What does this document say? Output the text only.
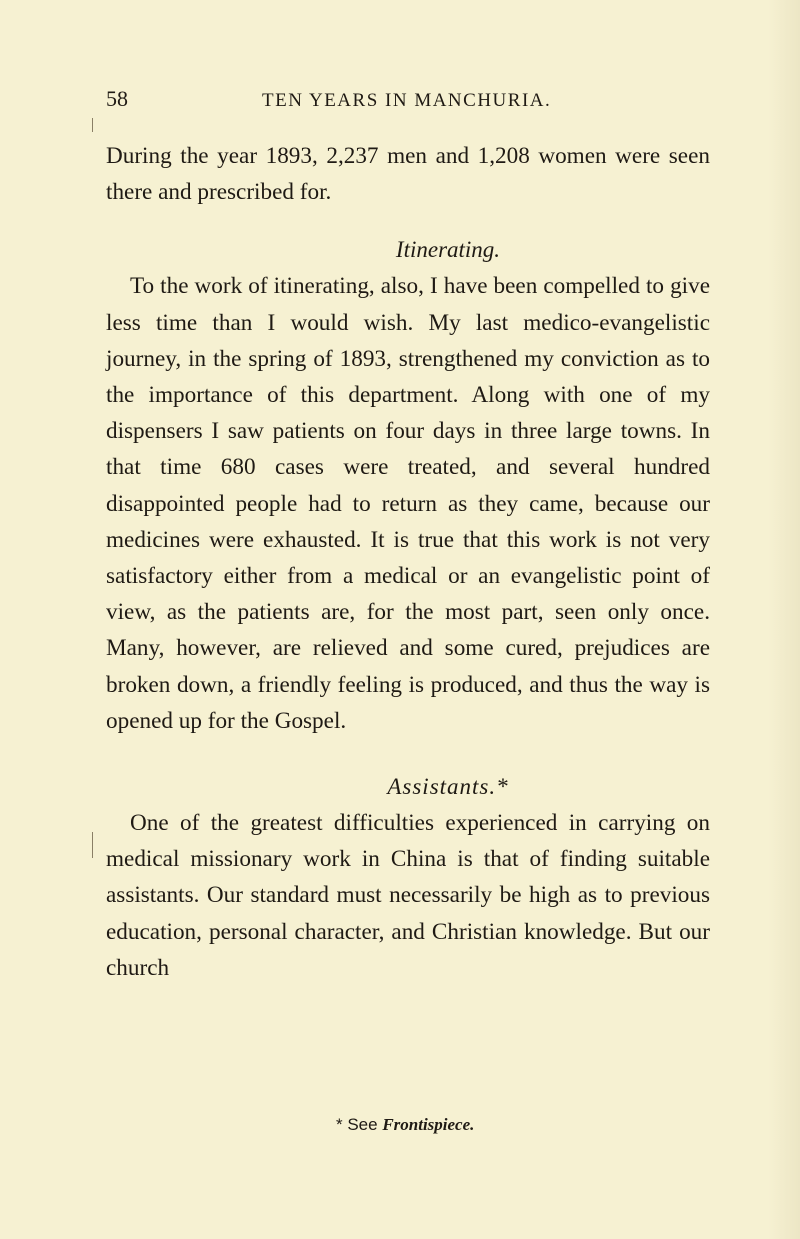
58	TEN YEARS IN MANCHURIA.

During the year 1893, 2,237 men and 1,208 women were seen there and prescribed for.

Itinerating.

To the work of itinerating, also, I have been compelled to give less time than I would wish. My last medico-evangelistic journey, in the spring of 1893, strengthened my conviction as to the importance of this department. Along with one of my dispensers I saw patients on four days in three large towns. In that time 680 cases were treated, and several hundred disappointed people had to return as they came, because our medicines were exhausted. It is true that this work is not very satisfactory either from a medical or an evangelistic point of view, as the patients are, for the most part, seen only once. Many, however, are relieved and some cured, prejudices are broken down, a friendly feeling is produced, and thus the way is opened up for the Gospel.

Assistants.*

One of the greatest difficulties experienced in carrying on medical missionary work in China is that of finding suitable assistants. Our standard must necessarily be high as to previous education, personal character, and Christian knowledge. But our church

* See Frontispiece.
